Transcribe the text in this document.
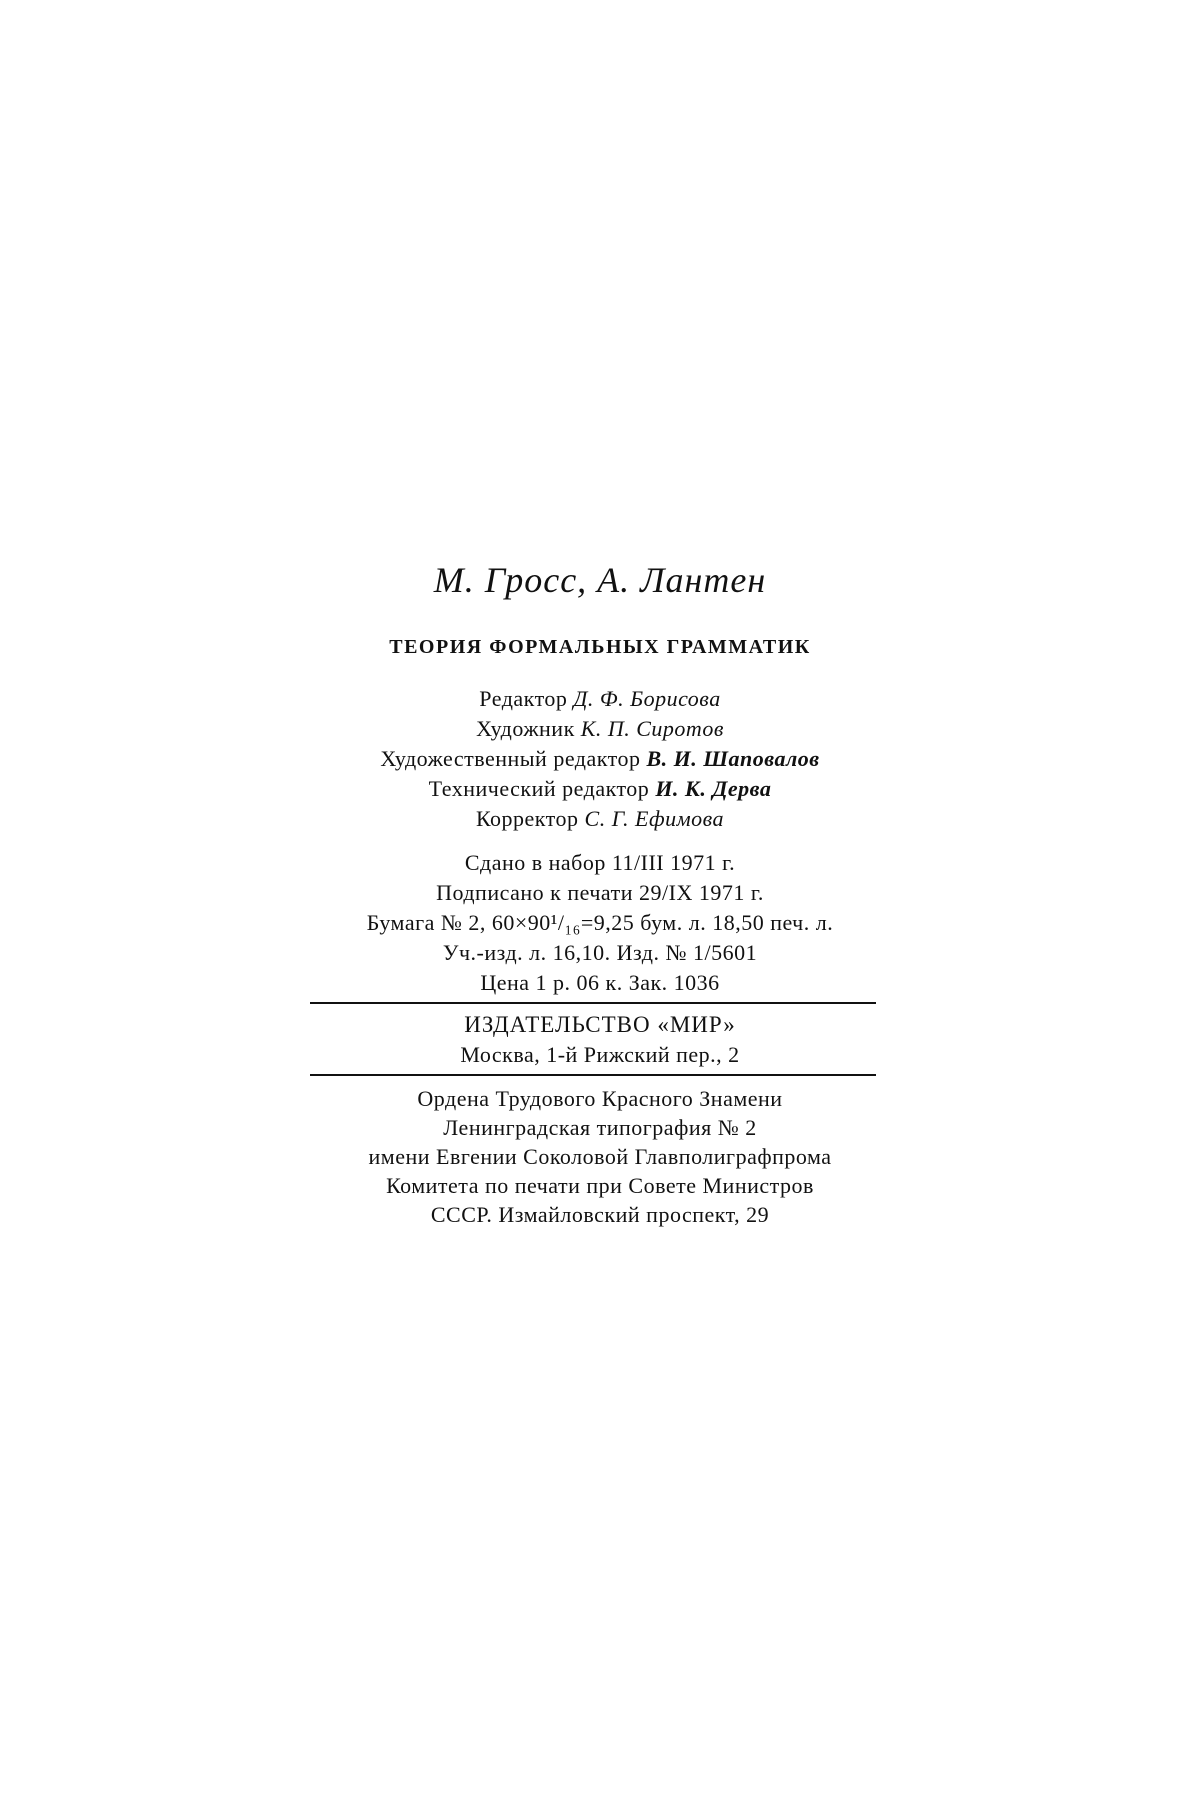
М. Гросс, А. Лантен
ТЕОРИЯ ФОРМАЛЬНЫХ ГРАММАТИК
Редактор Д. Ф. Борисова
Художник К. П. Сиротов
Художественный редактор В. И. Шаповалов
Технический редактор И. К. Дерва
Корректор С. Г. Ефимова
Сдано в набор 11/III 1971 г.
Подписано к печати 29/IX 1971 г.
Бумага № 2, 60×90¹/₁₆=9,25 бум. л. 18,50 печ. л.
Уч.-изд. л. 16,10. Изд. № 1/5601
Цена 1 р. 06 к. Зак. 1036
ИЗДАТЕЛЬСТВО «МИР»
Москва, 1-й Рижский пер., 2
Ордена Трудового Красного Знамени
Ленинградская типография № 2
имени Евгении Соколовой Главполиграфпрома
Комитета по печати при Совете Министров
СССР. Измайловский проспект, 29
